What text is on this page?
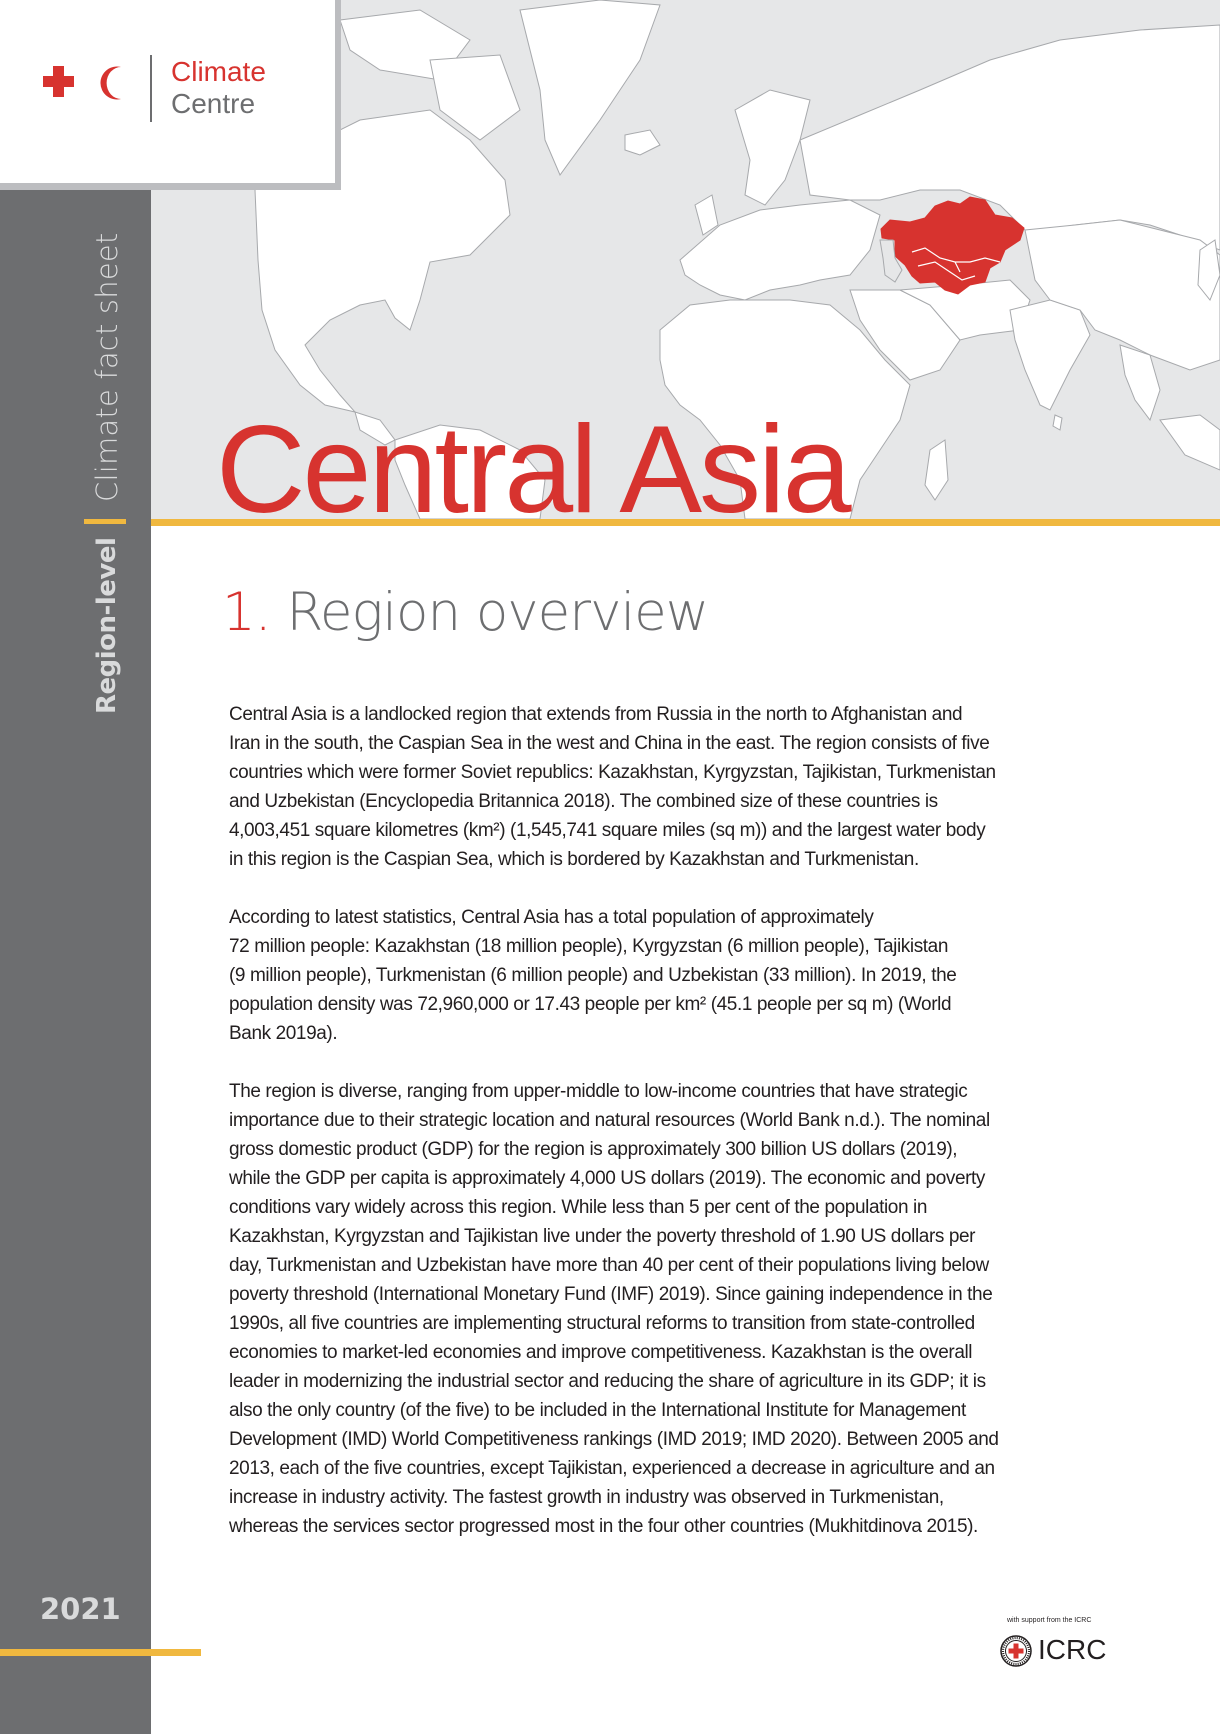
Climate
Centre
Climate fact sheet
Region-level
2021
Central Asia
1. Region overview

Central Asia is a landlocked region that extends from Russia in the north to Afghanistan and
Iran in the south, the Caspian Sea in the west and China in the east. The region consists of five
countries which were former Soviet republics: Kazakhstan, Kyrgyzstan, Tajikistan, Turkmenistan
and Uzbekistan (Encyclopedia Britannica 2018). The combined size of these countries is
4,003,451 square kilometres (km²) (1,545,741 square miles (sq m)) and the largest water body
in this region is the Caspian Sea, which is bordered by Kazakhstan and Turkmenistan.

According to latest statistics, Central Asia has a total population of approximately
72 million people: Kazakhstan (18 million people), Kyrgyzstan (6 million people), Tajikistan
(9 million people), Turkmenistan (6 million people) and Uzbekistan (33 million). In 2019, the
population density was 72,960,000 or 17.43 people per km² (45.1 people per sq m) (World
Bank 2019a).

The region is diverse, ranging from upper-middle to low-income countries that have strategic
importance due to their strategic location and natural resources (World Bank n.d.). The nominal
gross domestic product (GDP) for the region is approximately 300 billion US dollars (2019),
while the GDP per capita is approximately 4,000 US dollars (2019). The economic and poverty
conditions vary widely across this region. While less than 5 per cent of the population in
Kazakhstan, Kyrgyzstan and Tajikistan live under the poverty threshold of 1.90 US dollars per
day, Turkmenistan and Uzbekistan have more than 40 per cent of their populations living below
poverty threshold (International Monetary Fund (IMF) 2019). Since gaining independence in the
1990s, all five countries are implementing structural reforms to transition from state-controlled
economies to market-led economies and improve competitiveness. Kazakhstan is the overall
leader in modernizing the industrial sector and reducing the share of agriculture in its GDP; it is
also the only country (of the five) to be included in the International Institute for Management
Development (IMD) World Competitiveness rankings (IMD 2019; IMD 2020). Between 2005 and
2013, each of the five countries, except Tajikistan, experienced a decrease in agriculture and an
increase in industry activity. The fastest growth in industry was observed in Turkmenistan,
whereas the services sector progressed most in the four other countries (Mukhitdinova 2015).

with support from the ICRC
ICRC
